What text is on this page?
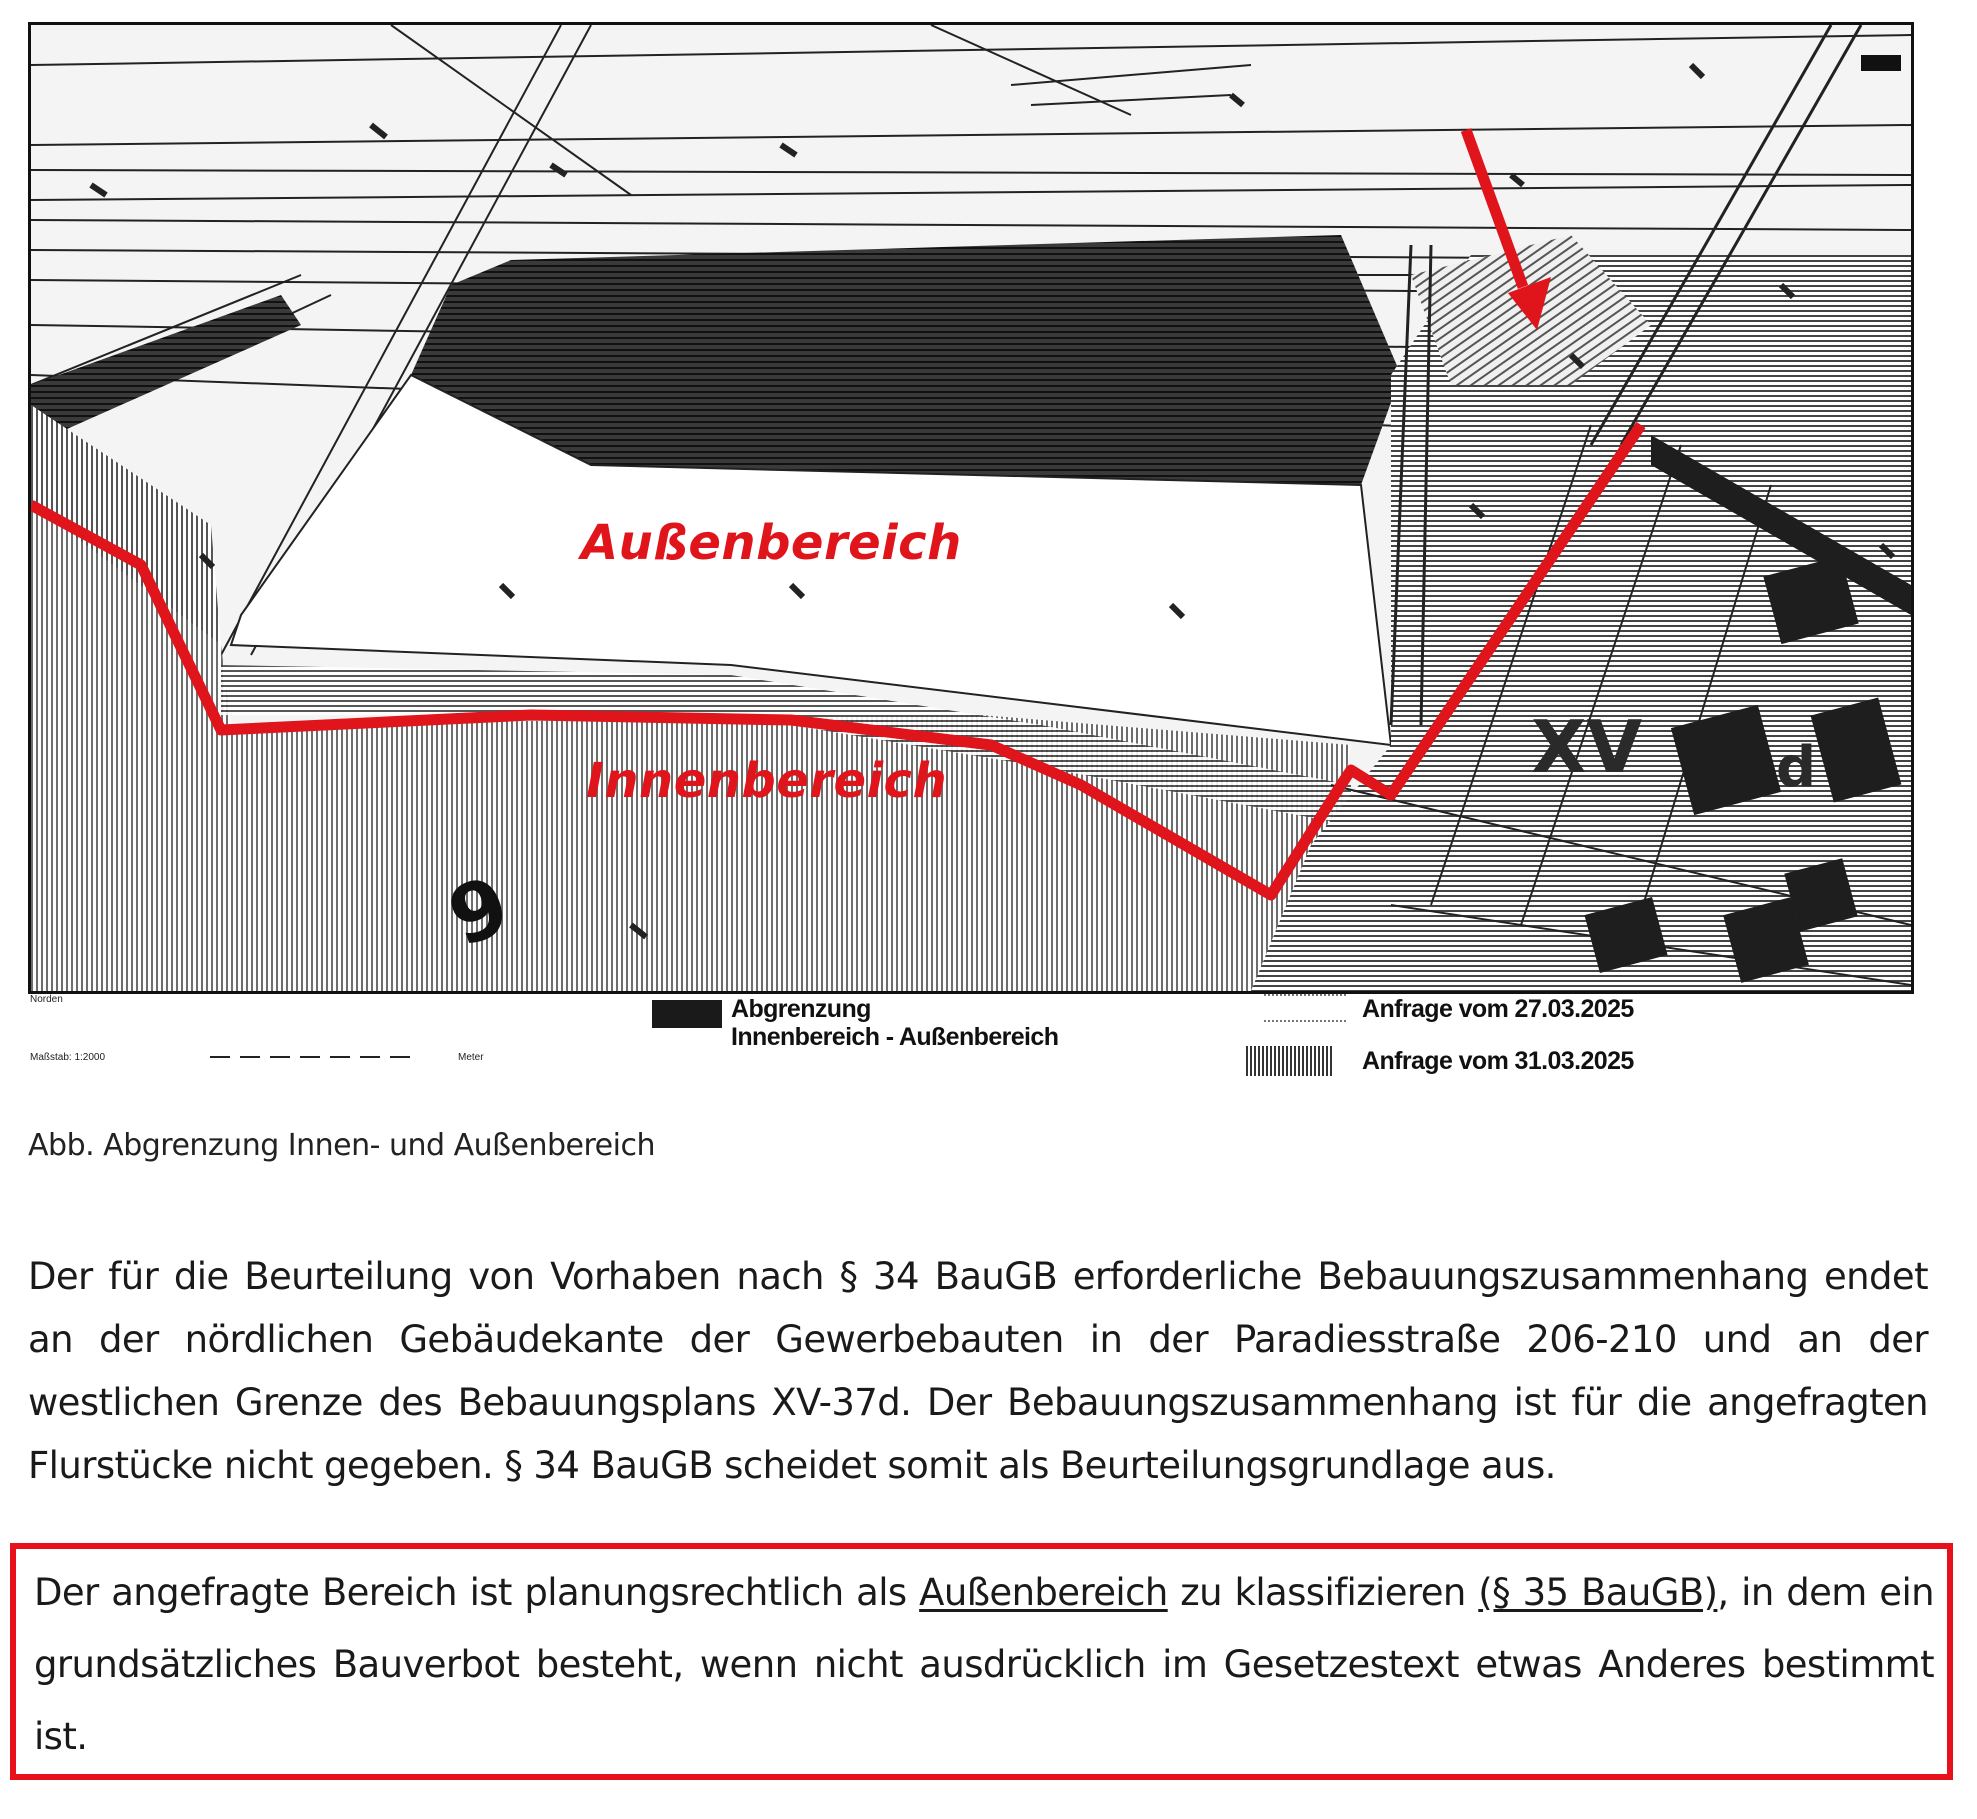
Außenbereich
Innenbereich	XV d
9
Norden
Maßstab: 1:2000	Meter
Abgrenzung
Innenbereich - Außenbereich
Anfrage vom 27.03.2025
Anfrage vom 31.03.2025
Abb. Abgrenzung Innen- und Außenbereich
Der für die Beurteilung von Vorhaben nach § 34 BauGB erforderliche Bebauungszusammenhang endet an der nördlichen Gebäudekante der Gewerbebauten in der Paradiesstraße 206-210 und an der westlichen Grenze des Bebauungsplans XV-37d. Der Bebauungszusammenhang ist für die angefragten Flurstücke nicht gegeben. § 34 BauGB scheidet somit als Beurteilungsgrundlage aus.
Der angefragte Bereich ist planungsrechtlich als Außenbereich zu klassifizieren (§ 35 BauGB), in dem ein grundsätzliches Bauverbot besteht, wenn nicht ausdrücklich im Gesetzestext etwas Anderes bestimmt ist.
